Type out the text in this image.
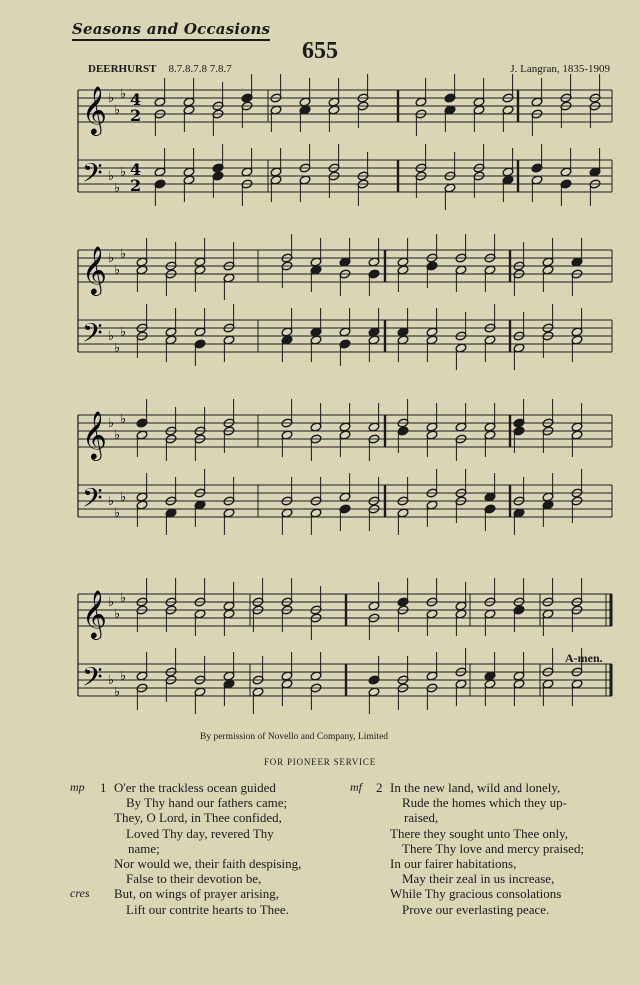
Seasons and Occasions
655
DEERHURST 8.7.8.7.8 7.8.7	J. Langran, 1835-1909
𝄞 ♭
♭
♭
𝄢 ♭
♭
♭
𝄞 ♭
♭
♭
𝄢 ♭
♭
♭
𝄞 ♭
♭
♭
𝄢 ♭
♭
♭
𝄞 ♭
♭
♭
𝄢 ♭
♭
♭
4
2
4
2
A-men.
By permission of Novello and Company, Limited
FOR PIONEER SERVICE
mp 1 O'er the trackless ocean guided
By Thy hand our fathers came;
They, O Lord, in Thee confided,
Loved Thy day, revered Thy
name;
Nor would we, their faith despising,
False to their devotion be,
cres But, on wings of prayer arising,
Lift our contrite hearts to Thee.
mf 2 In the new land, wild and lonely,
Rude the homes which they up-
raised,
There they sought unto Thee only,
There Thy love and mercy praised;
In our fairer habitations,
May their zeal in us increase,
While Thy gracious consolations
Prove our everlasting peace.
